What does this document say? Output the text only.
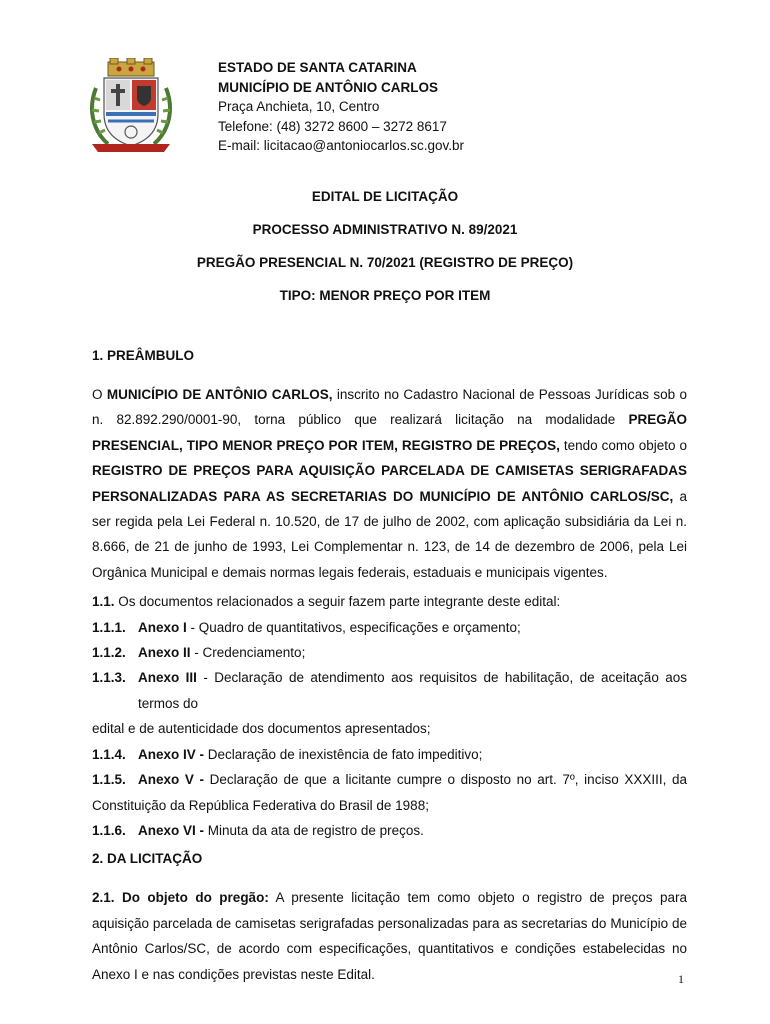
ESTADO DE SANTA CATARINA
MUNICÍPIO DE ANTÔNIO CARLOS
Praça Anchieta, 10, Centro
Telefone: (48) 3272 8600 – 3272 8617
E-mail: licitacao@antoniocarlos.sc.gov.br
EDITAL DE LICITAÇÃO
PROCESSO ADMINISTRATIVO N. 89/2021
PREGÃO PRESENCIAL N. 70/2021 (REGISTRO DE PREÇO)
TIPO: MENOR PREÇO POR ITEM
1. PREÂMBULO

O MUNICÍPIO DE ANTÔNIO CARLOS, inscrito no Cadastro Nacional de Pessoas Jurídicas sob o n. 82.892.290/0001-90, torna público que realizará licitação na modalidade PREGÃO PRESENCIAL, TIPO MENOR PREÇO POR ITEM, REGISTRO DE PREÇOS, tendo como objeto o REGISTRO DE PREÇOS PARA AQUISIÇÃO PARCELADA DE CAMISETAS SERIGRAFADAS PERSONALIZADAS PARA AS SECRETARIAS DO MUNICÍPIO DE ANTÔNIO CARLOS/SC, a ser regida pela Lei Federal n. 10.520, de 17 de julho de 2002, com aplicação subsidiária da Lei n. 8.666, de 21 de junho de 1993, Lei Complementar n. 123, de 14 de dezembro de 2006, pela Lei Orgânica Municipal e demais normas legais federais, estaduais e municipais vigentes.

1.1. Os documentos relacionados a seguir fazem parte integrante deste edital:
1.1.1. Anexo I - Quadro de quantitativos, especificações e orçamento;
1.1.2. Anexo II - Credenciamento;
1.1.3. Anexo III - Declaração de atendimento aos requisitos de habilitação, de aceitação aos termos do
edital e de autenticidade dos documentos apresentados;
1.1.4. Anexo IV - Declaração de inexistência de fato impeditivo;
1.1.5. Anexo V - Declaração de que a licitante cumpre o disposto no art. 7º, inciso XXXIII, da
Constituição da República Federativa do Brasil de 1988;
1.1.6. Anexo VI - Minuta da ata de registro de preços.
2. DA LICITAÇÃO

2.1. Do objeto do pregão: A presente licitação tem como objeto o registro de preços para aquisição parcelada de camisetas serigrafadas personalizadas para as secretarias do Município de Antônio Carlos/SC, de acordo com especificações, quantitativos e condições estabelecidas no Anexo I e nas condições previstas neste Edital.	1
